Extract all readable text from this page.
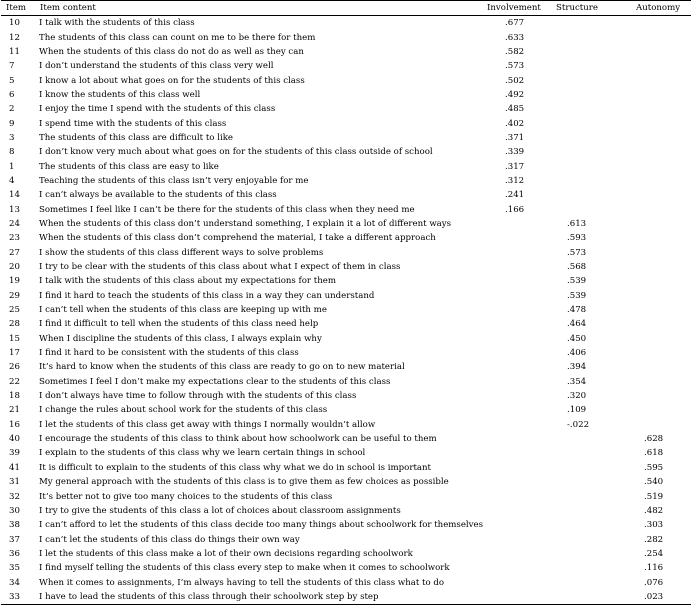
Item	Item content	Involvement	Structure	Autonomy
10	I talk with the students of this class	.677		
12	The students of this class can count on me to be there for them	.633		
11	When the students of this class do not do as well as they can	.582		
7	I don’t understand the students of this class very well	.573		
5	I know a lot about what goes on for the students of this class	.502		
6	I know the students of this class well	.492		
2	I enjoy the time I spend with the students of this class	.485		
9	I spend time with the students of this class	.402		
3	The students of this class are difficult to like	.371		
8	I don’t know very much about what goes on for the students of this class outside of school	.339		
1	The students of this class are easy to like	.317		
4	Teaching the students of this class isn’t very enjoyable for me	.312		
14	I can’t always be available to the students of this class	.241		
13	Sometimes I feel like I can’t be there for the students of this class when they need me	.166		
24	When the students of this class don’t understand something, I explain it a lot of different ways		.613	
23	When the students of this class don’t comprehend the material, I take a different approach		.593	
27	I show the students of this class different ways to solve problems		.573	
20	I try to be clear with the students of this class about what I expect of them in class		.568	
19	I talk with the students of this class about my expectations for them		.539	
29	I find it hard to teach the students of this class in a way they can understand		.539	
25	I can’t tell when the students of this class are keeping up with me		.478	
28	I find it difficult to tell when the students of this class need help		.464	
15	When I discipline the students of this class, I always explain why		.450	
17	I find it hard to be consistent with the students of this class		.406	
26	It’s hard to know when the students of this class are ready to go on to new material		.394	
22	Sometimes I feel I don’t make my expectations clear to the students of this class		.354	
18	I don’t always have time to follow through with the students of this class		.320	
21	I change the rules about school work for the students of this class		.109	
16	I let the students of this class get away with things I normally wouldn’t allow		-.022	
40	I encourage the students of this class to think about how schoolwork can be useful to them			.628
39	I explain to the students of this class why we learn certain things in school			.618
41	It is difficult to explain to the students of this class why what we do in school is important			.595
31	My general approach with the students of this class is to give them as few choices as possible			.540
32	It’s better not to give too many choices to the students of this class			.519
30	I try to give the students of this class a lot of choices about classroom assignments			.482
38	I can’t afford to let the students of this class decide too many things about schoolwork for themselves			.303
37	I can’t let the students of this class do things their own way			.282
36	I let the students of this class make a lot of their own decisions regarding schoolwork			.254
35	I find myself telling the students of this class every step to make when it comes to schoolwork			.116
34	When it comes to assignments, I’m always having to tell the students of this class what to do			.076
33	I have to lead the students of this class through their schoolwork step by step			.023
